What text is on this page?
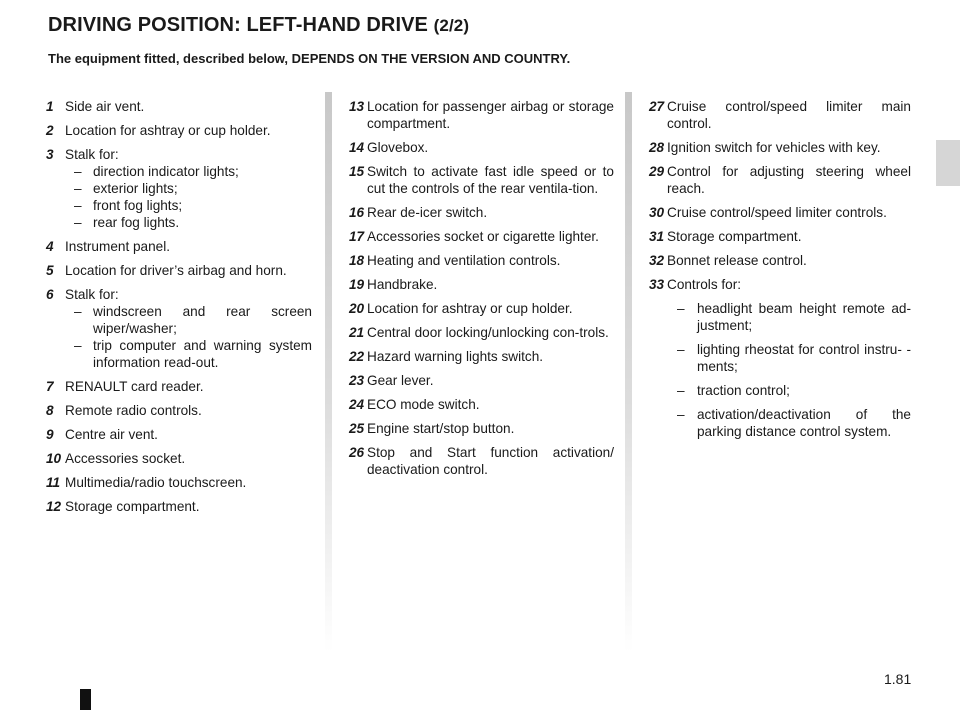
DRIVING POSITION: LEFT-HAND DRIVE (2/2)
The equipment fitted, described below, DEPENDS ON THE VERSION AND COUNTRY.
1 Side air vent.
2 Location for ashtray or cup holder.
3 Stalk for:
– direction indicator lights;
– exterior lights;
– front fog lights;
– rear fog lights.
4 Instrument panel.
5 Location for driver’s airbag and horn.
6 Stalk for:
– windscreen and rear screen wiper/washer;
– trip computer and warning system information read-out.
7 RENAULT card reader.
8 Remote radio controls.
9 Centre air vent.
10 Accessories socket.
11 Multimedia/radio touchscreen.
12 Storage compartment.
13 Location for passenger airbag or storage compartment.
14 Glovebox.
15 Switch to activate fast idle speed or to cut the controls of the rear ventila-tion.
16 Rear de-icer switch.
17 Accessories socket or cigarette lighter.
18 Heating and ventilation controls.
19 Handbrake.
20 Location for ashtray or cup holder.
21 Central door locking/unlocking con-trols.
22 Hazard warning lights switch.
23 Gear lever.
24 ECO mode switch.
25 Engine start/stop button.
26 Stop and Start function activation/ deactivation control.
27 Cruise control/speed limiter main control.
28 Ignition switch for vehicles with key.
29 Control for adjusting steering wheel reach.
30 Cruise control/speed limiter controls.
31 Storage compartment.
32 Bonnet release control.
33 Controls for:
– headlight beam height remote ad-justment;
– lighting rheostat for control instru- -ments;
– traction control;
– activation/deactivation of the parking distance control system.
1.81
